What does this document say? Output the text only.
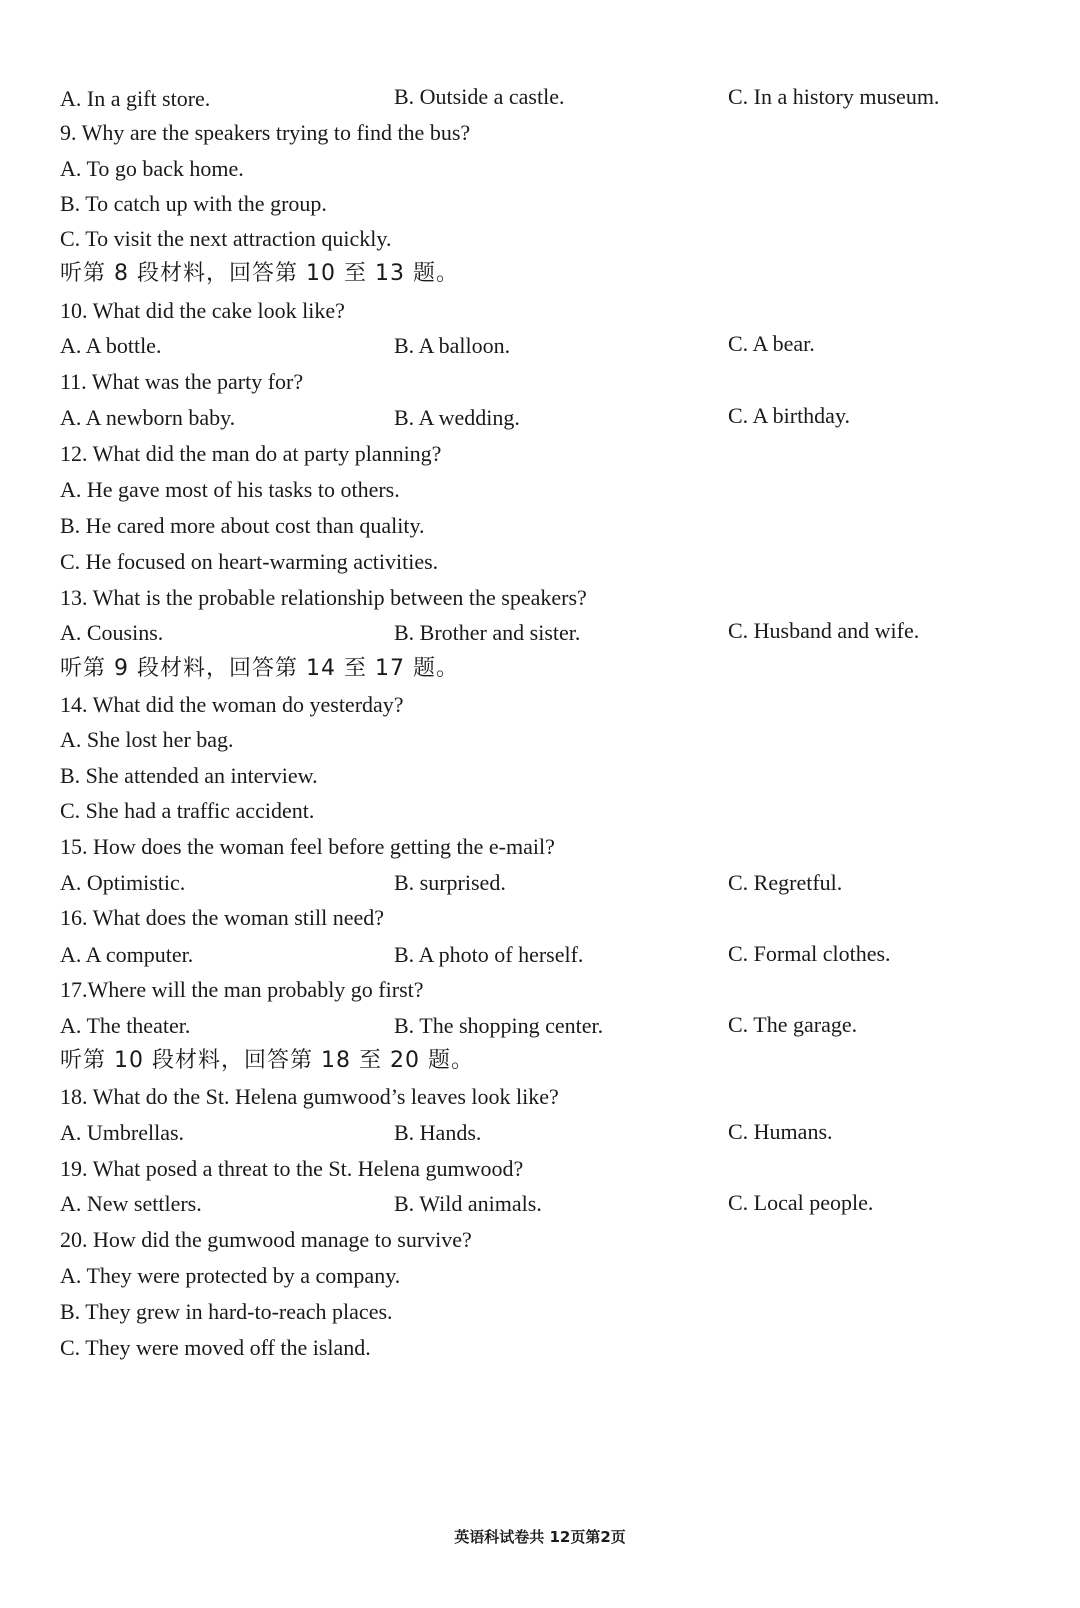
A. In a gift store.	B. Outside a castle.	C. In a history museum.
9. Why are the speakers trying to find the bus?
A. To go back home.
B. To catch up with the group.
C. To visit the next attraction quickly.
听第 8 段材料，回答第 10 至 13 题。
10. What did the cake look like?
A. A bottle.	B. A balloon.	C. A bear.
11. What was the party for?
A. A newborn baby.	B. A wedding.	C. A birthday.
12. What did the man do at party planning?
A. He gave most of his tasks to others.
B. He cared more about cost than quality.
C. He focused on heart-warming activities.
13. What is the probable relationship between the speakers?
A. Cousins.	B. Brother and sister.	C. Husband and wife.
听第 9 段材料，回答第 14 至 17 题。
14. What did the woman do yesterday?
A. She lost her bag.
B. She attended an interview.
C. She had a traffic accident.
15. How does the woman feel before getting the e-mail?
A. Optimistic.	B. surprised.	C. Regretful.
16. What does the woman still need?
A. A computer.	B. A photo of herself.	C. Formal clothes.
17.Where will the man probably go first?
A. The theater.	B. The shopping center.	C. The garage.
听第 10 段材料，回答第 18 至 20 题。
18. What do the St. Helena gumwood’s leaves look like?
A. Umbrellas.	B. Hands.	C. Humans.
19. What posed a threat to the St. Helena gumwood?
A. New settlers.	B. Wild animals.	C. Local people.
20. How did the gumwood manage to survive?
A. They were protected by a company.
B. They grew in hard-to-reach places.
C. They were moved off the island.
英语科试卷共 12页第2页
